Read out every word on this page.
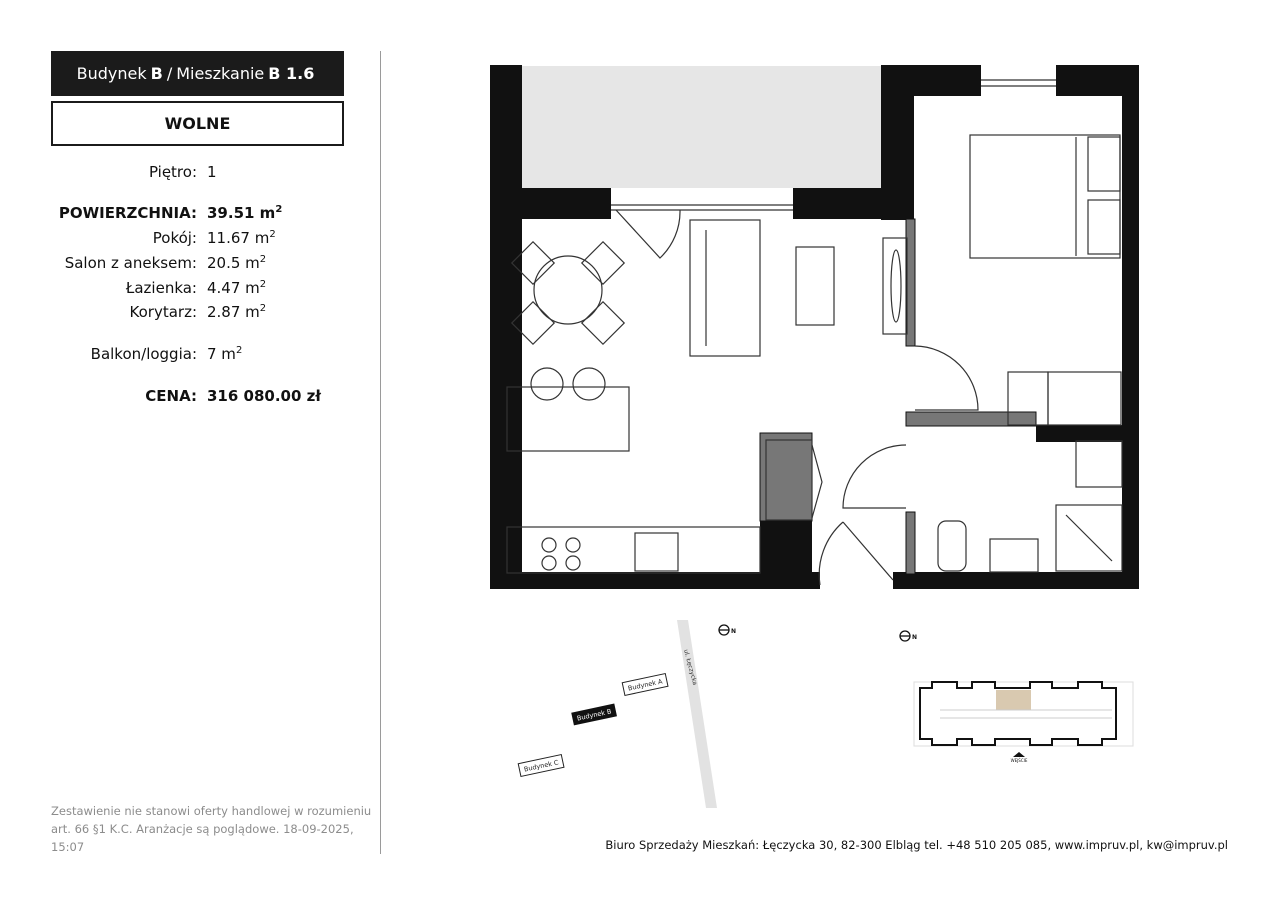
Budynek B / Mieszkanie B 1.6
WOLNE
Piętro: 1
POWIERZCHNIA: 39.51 $m^2$
Pokój: 11.67 $m^2$
Salon z aneksem: 20.5 $m^2$
Łazienka: 4.47 $m^2$
Korytarz: 2.87 $m^2$
Balkon/loggia: 7 $m^2$
CENA: 316 080.00 zł
Zestawienie nie stanowi oferty handlowej w rozumieniu art. 66 §1 K.C. Aranżacje są poglądowe. 18-09-2025, 15:07	Biuro Sprzedaży Mieszkań: Łęczycka 30, 82-300 Elbląg tel. +48 510 205 085, www.impruv.pl, kw@impruv.pl
ul. Łęczycka
Budynek A
Budynek B
Budynek C
N
N
WEJŚCIE
